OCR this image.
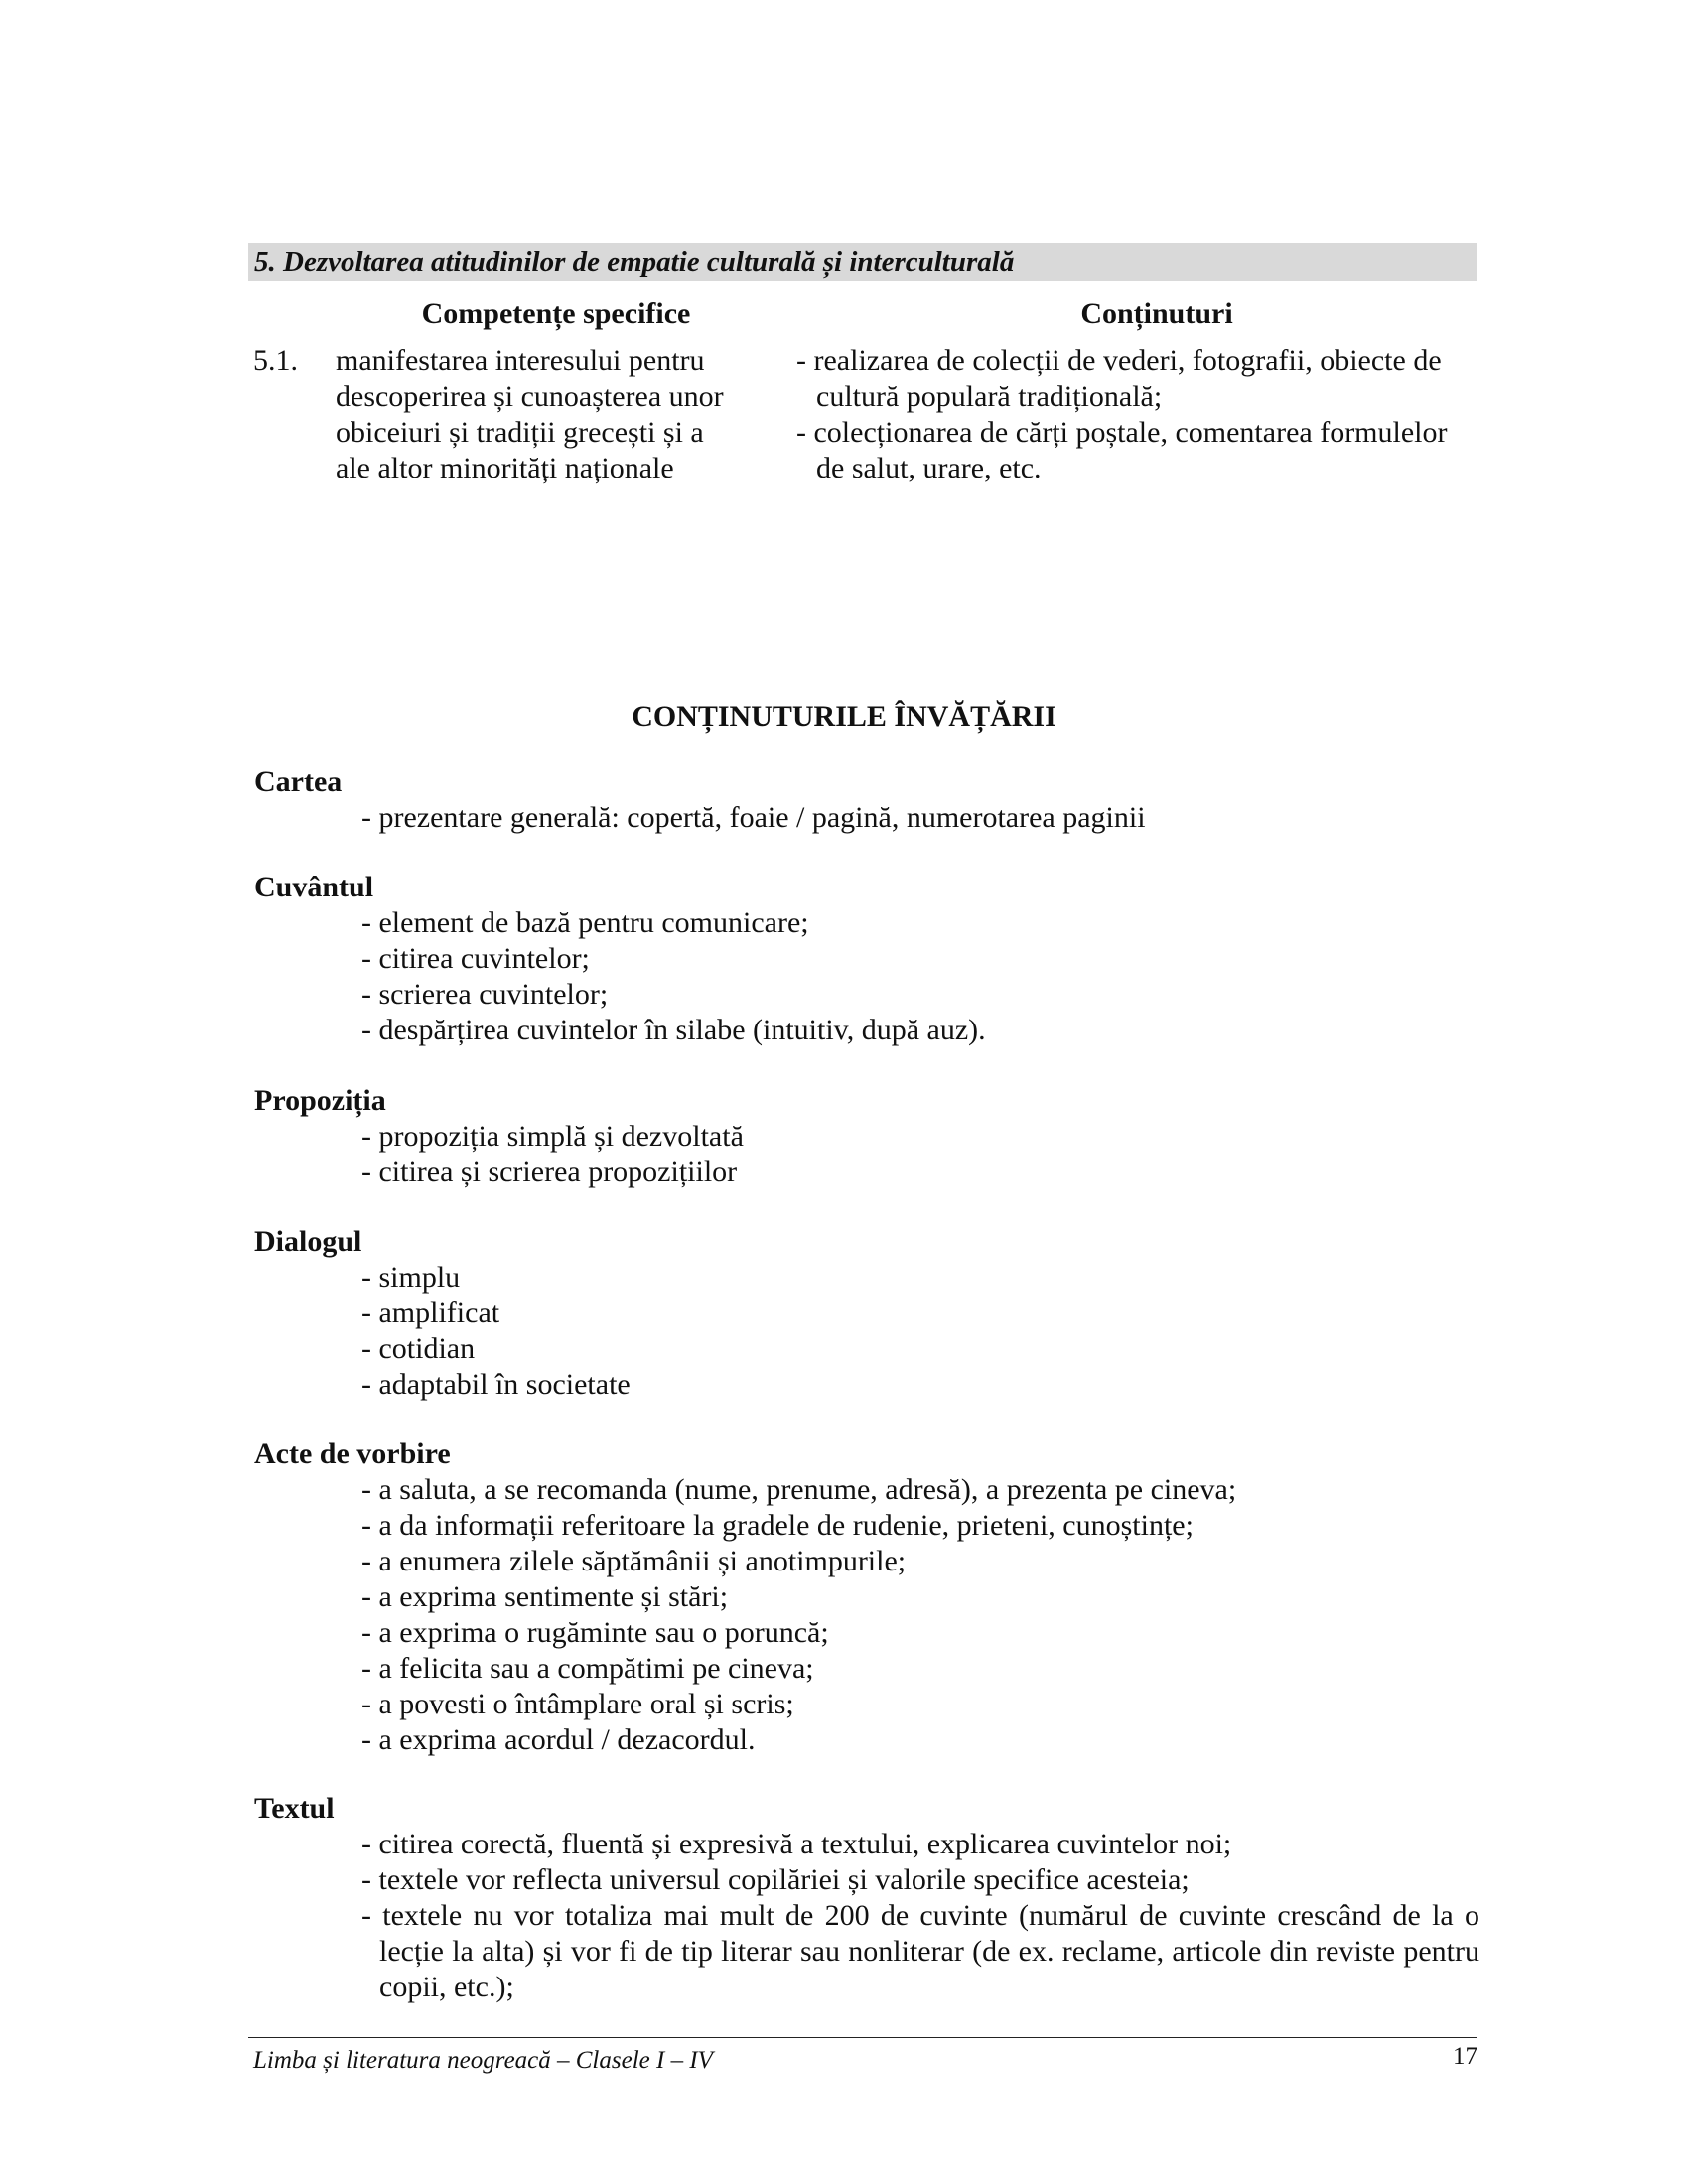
5. Dezvoltarea atitudinilor de empatie culturală și interculturală
Competențe specifice	Conținuturi
5.1. manifestarea interesului pentru
descoperirea și cunoașterea unor
obiceiuri și tradiții grecești și a
ale altor minorități naționale
- realizarea de colecții de vederi, fotografii, obiecte de cultură populară tradițională;
- colecționarea de cărți poștale, comentarea formulelor de salut, urare, etc.
CONȚINUTURILE ÎNVĂȚĂRII
Cartea
- prezentare generală: copertă, foaie / pagină, numerotarea paginii
Cuvântul
- element de bază pentru comunicare;
- citirea cuvintelor;
- scrierea cuvintelor;
- despărțirea cuvintelor în silabe (intuitiv, după auz).
Propoziția
- propoziția simplă și dezvoltată
- citirea și scrierea propozițiilor
Dialogul
- simplu
- amplificat
- cotidian
- adaptabil în societate
Acte de vorbire
- a saluta, a se recomanda (nume, prenume, adresă), a prezenta pe cineva;
- a da informații referitoare la gradele de rudenie, prieteni, cunoștințe;
- a enumera zilele săptămânii și anotimpurile;
- a exprima sentimente și stări;
- a exprima o rugăminte sau o poruncă;
- a felicita sau a compătimi pe cineva;
- a povesti o întâmplare oral și scris;
- a exprima acordul / dezacordul.
Textul
- citirea corectă, fluentă și expresivă a textului, explicarea cuvintelor noi;
- textele vor reflecta universul copilăriei și valorile specifice acesteia;
- textele nu vor totaliza mai mult de 200 de cuvinte (numărul de cuvinte crescând de la o lecție la alta) și vor fi de tip literar sau nonliterar (de ex. reclame, articole din reviste pentru copii, etc.);
Limba și literatura neogreacă – Clasele I – IV	17
